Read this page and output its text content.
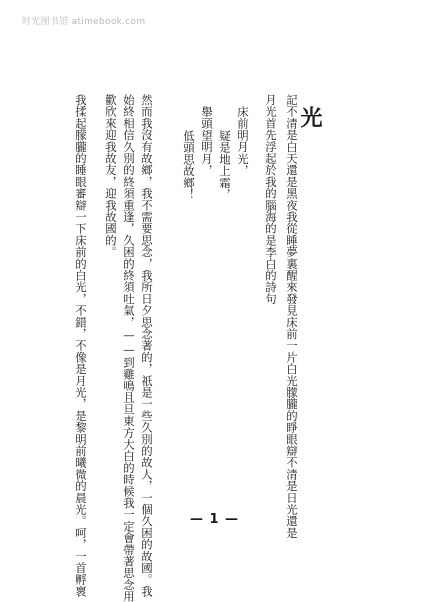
时光图书馆 atimebook.com
光
記不清是白天還是黑夜我從睡夢裏醒來發見床前一片白光朦朧的睜眼辯不清是日光還是
月光首先浮起於我的腦海的是李白的詩句
床前明月光，
疑是地上霜，
舉頭望明月，
低頭思故鄉！
然而我沒有故鄉，我不需要思念，我所日夕思念著的，祇是一些久別的故人，一個久困的故國。我
始終相信久別的終須重逢，久困的終須吐氣，——到雞鳴且旦東方大白的時候我一定會帶著思念用
歡欣來迎我故友，迎我故國的。
我揉起朦朧的睡眼審辯一下床前的白光，不錯，不像是月光，是黎明前曦微的晨光。呵，一首孵褱	— 1 —
